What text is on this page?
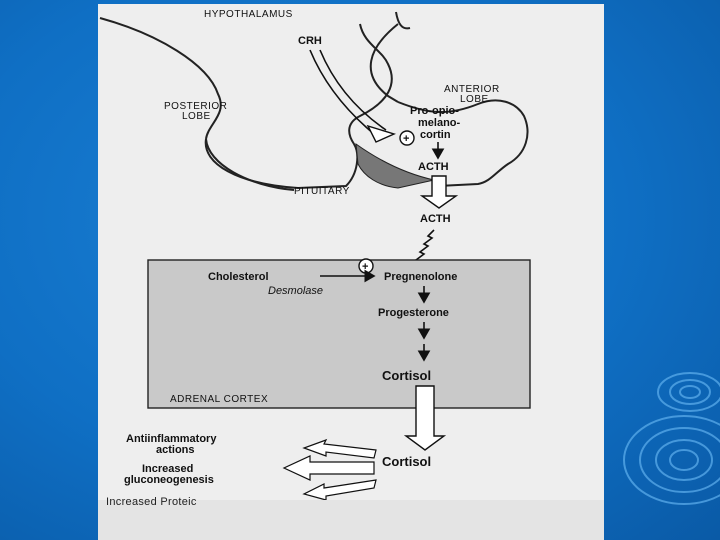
HYPOTHALAMUS
CRH
ANTERIOR
LOBE
POSTERIOR
LOBE	Pro-opio-
melano-
cortin
+
ACTH
PITUITARY
ACTH
+
Cholesterol	Pregnenolone
Desmolase
Progesterone
Cortisol
ADRENAL CORTEX
Cortisol
Antiinflammatory
actions
Increased
gluconeogenesis
Increased Proteic
